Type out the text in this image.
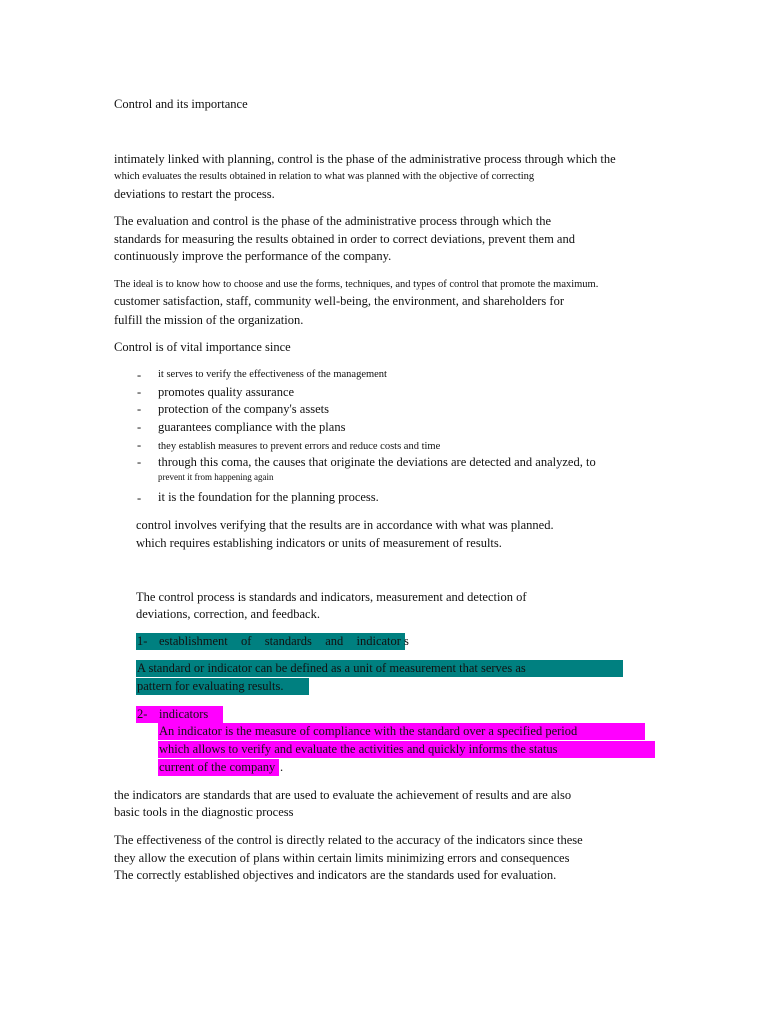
Control and its importance
intimately linked with planning, control is the phase of the administrative process through which the
which evaluates the results obtained in relation to what was planned with the objective of correcting
deviations to restart the process.
The evaluation and control is the phase of the administrative process through which the
standards for measuring the results obtained in order to correct deviations, prevent them and
continuously improve the performance of the company.
The ideal is to know how to choose and use the forms, techniques, and types of control that promote the maximum.
customer satisfaction, staff, community well-being, the environment, and shareholders for
fulfill the mission of the organization.
Control is of vital importance since
- it serves to verify the effectiveness of the management
- promotes quality assurance
- protection of the company's assets
- guarantees compliance with the plans
- they establish measures to prevent errors and reduce costs and time
- through this coma, the causes that originate the deviations are detected and analyzed, to
prevent it from happening again
- it is the foundation for the planning process.
control involves verifying that the results are in accordance with what was planned.
which requires establishing indicators or units of measurement of results.
The control process is standards and indicators, measurement and detection of
deviations, correction, and feedback.
1- establishment of standards and indicator s
A standard or indicator can be defined as a unit of measurement that serves as
pattern for evaluating results.
2- indicators
An indicator is the measure of compliance with the standard over a specified period
which allows to verify and evaluate the activities and quickly informs the status
current of the company .
the indicators are standards that are used to evaluate the achievement of results and are also
basic tools in the diagnostic process
The effectiveness of the control is directly related to the accuracy of the indicators since these
they allow the execution of plans within certain limits minimizing errors and consequences
The correctly established objectives and indicators are the standards used for evaluation.
